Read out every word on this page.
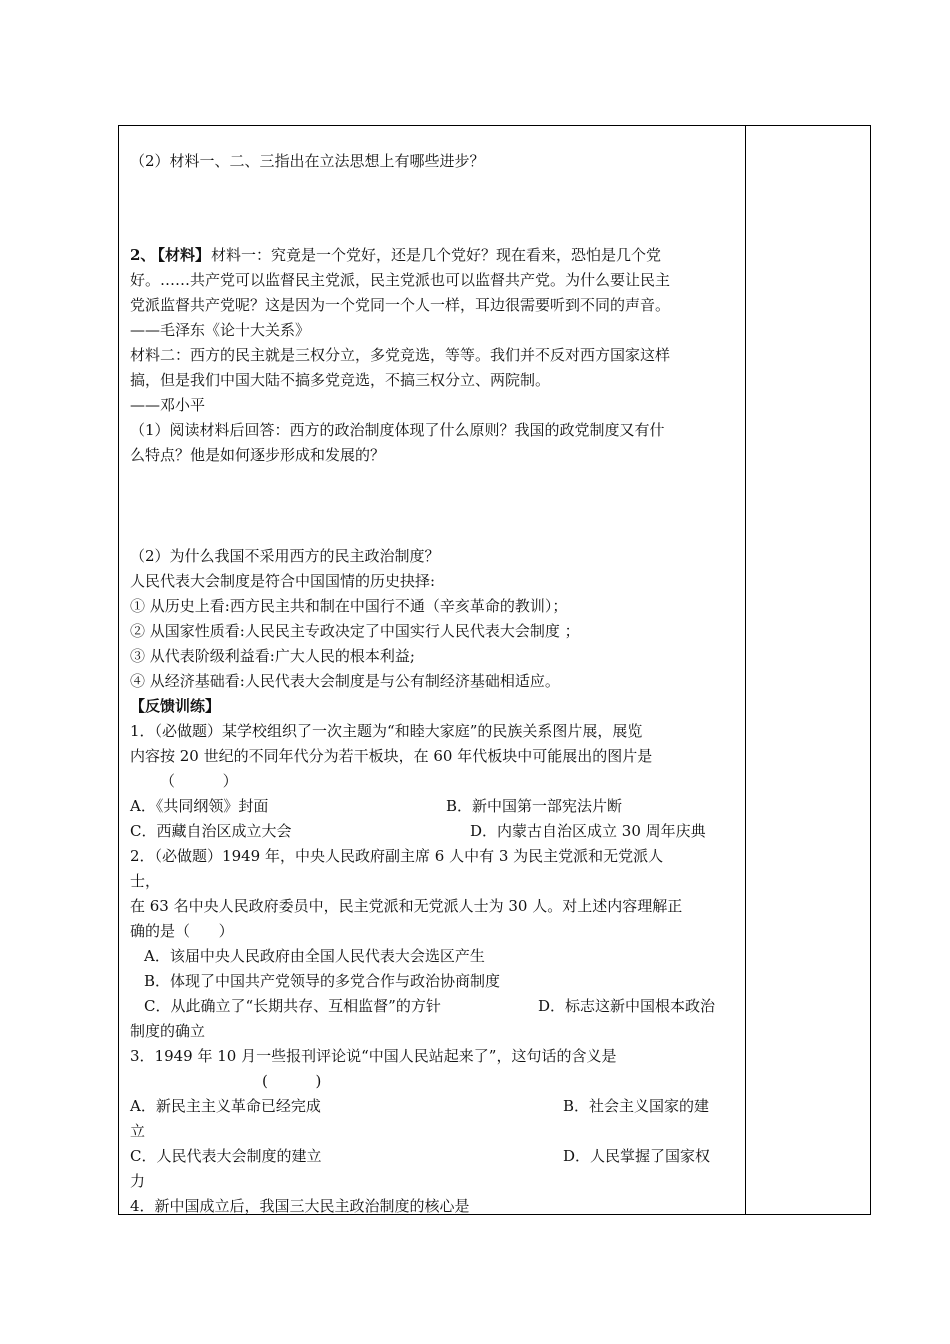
（2）材料一、二、三指出在立法思想上有哪些进步？
2、
【材料】 材料一：究竟是一个党好，还是几个党好？现在看来，恐怕是几个党
好。……共产党可以监督民主党派，民主党派也可以监督共产党。为什么要让民主
党派监督共产党呢？这是因为一个党同一个人一样，耳边很需要听到不同的声音。
——毛泽东《论十大关系》
材料二：西方的民主就是三权分立，多党竞选，等等。我们并不反对西方国家这样
搞，但是我们中国大陆不搞多党竞选，不搞三权分立、两院制。
——邓小平
（1）阅读材料后回答：西方的政治制度体现了什么原则？我国的政党制度又有什
么特点？他是如何逐步形成和发展的？
（2）为什么我国不采用西方的民主政治制度？
人民代表大会制度是符合中国国情的历史抉择:
① 从历史上看:西方民主共和制在中国行不通（辛亥革命的教训）；
② 从国家性质看:人民民主专政决定了中国实行人民代表大会制度 ；
③ 从代表阶级利益看:广大人民的根本利益;
④ 从经济基础看:人民代表大会制度是与公有制经济基础相适应。
【反馈训练】
1．（必做题）某学校组织了一次主题为“和睦大家庭”的民族关系图片展，展览
内容按 20 世纪的不同年代分为若干板块，在 60 年代板块中可能展出的图片是
（          ）
A．《共同纲领》封面	B．新中国第一部宪法片断
C．西藏自治区成立大会	D．内蒙古自治区成立 30 周年庆典
2．（必做题）1949 年，中央人民政府副主席 6 人中有 3 为民主党派和无党派人
士，
在 63 名中央人民政府委员中，民主党派和无党派人士为 30 人。对上述内容理解正
确的是（      ）
A．该届中央人民政府由全国人民代表大会选区产生
B．体现了中国共产党领导的多党合作与政治协商制度
C．从此确立了“长期共存、互相监督”的方针	D．标志这新中国根本政治
制度的确立
3．1949 年 10 月一些报刊评论说“中国人民站起来了”，这句话的含义是
(          )
A．新民主主义革命已经完成	B．社会主义国家的建
立
C．人民代表大会制度的建立	D．人民掌握了国家权
力
4．新中国成立后，我国三大民主政治制度的核心是
